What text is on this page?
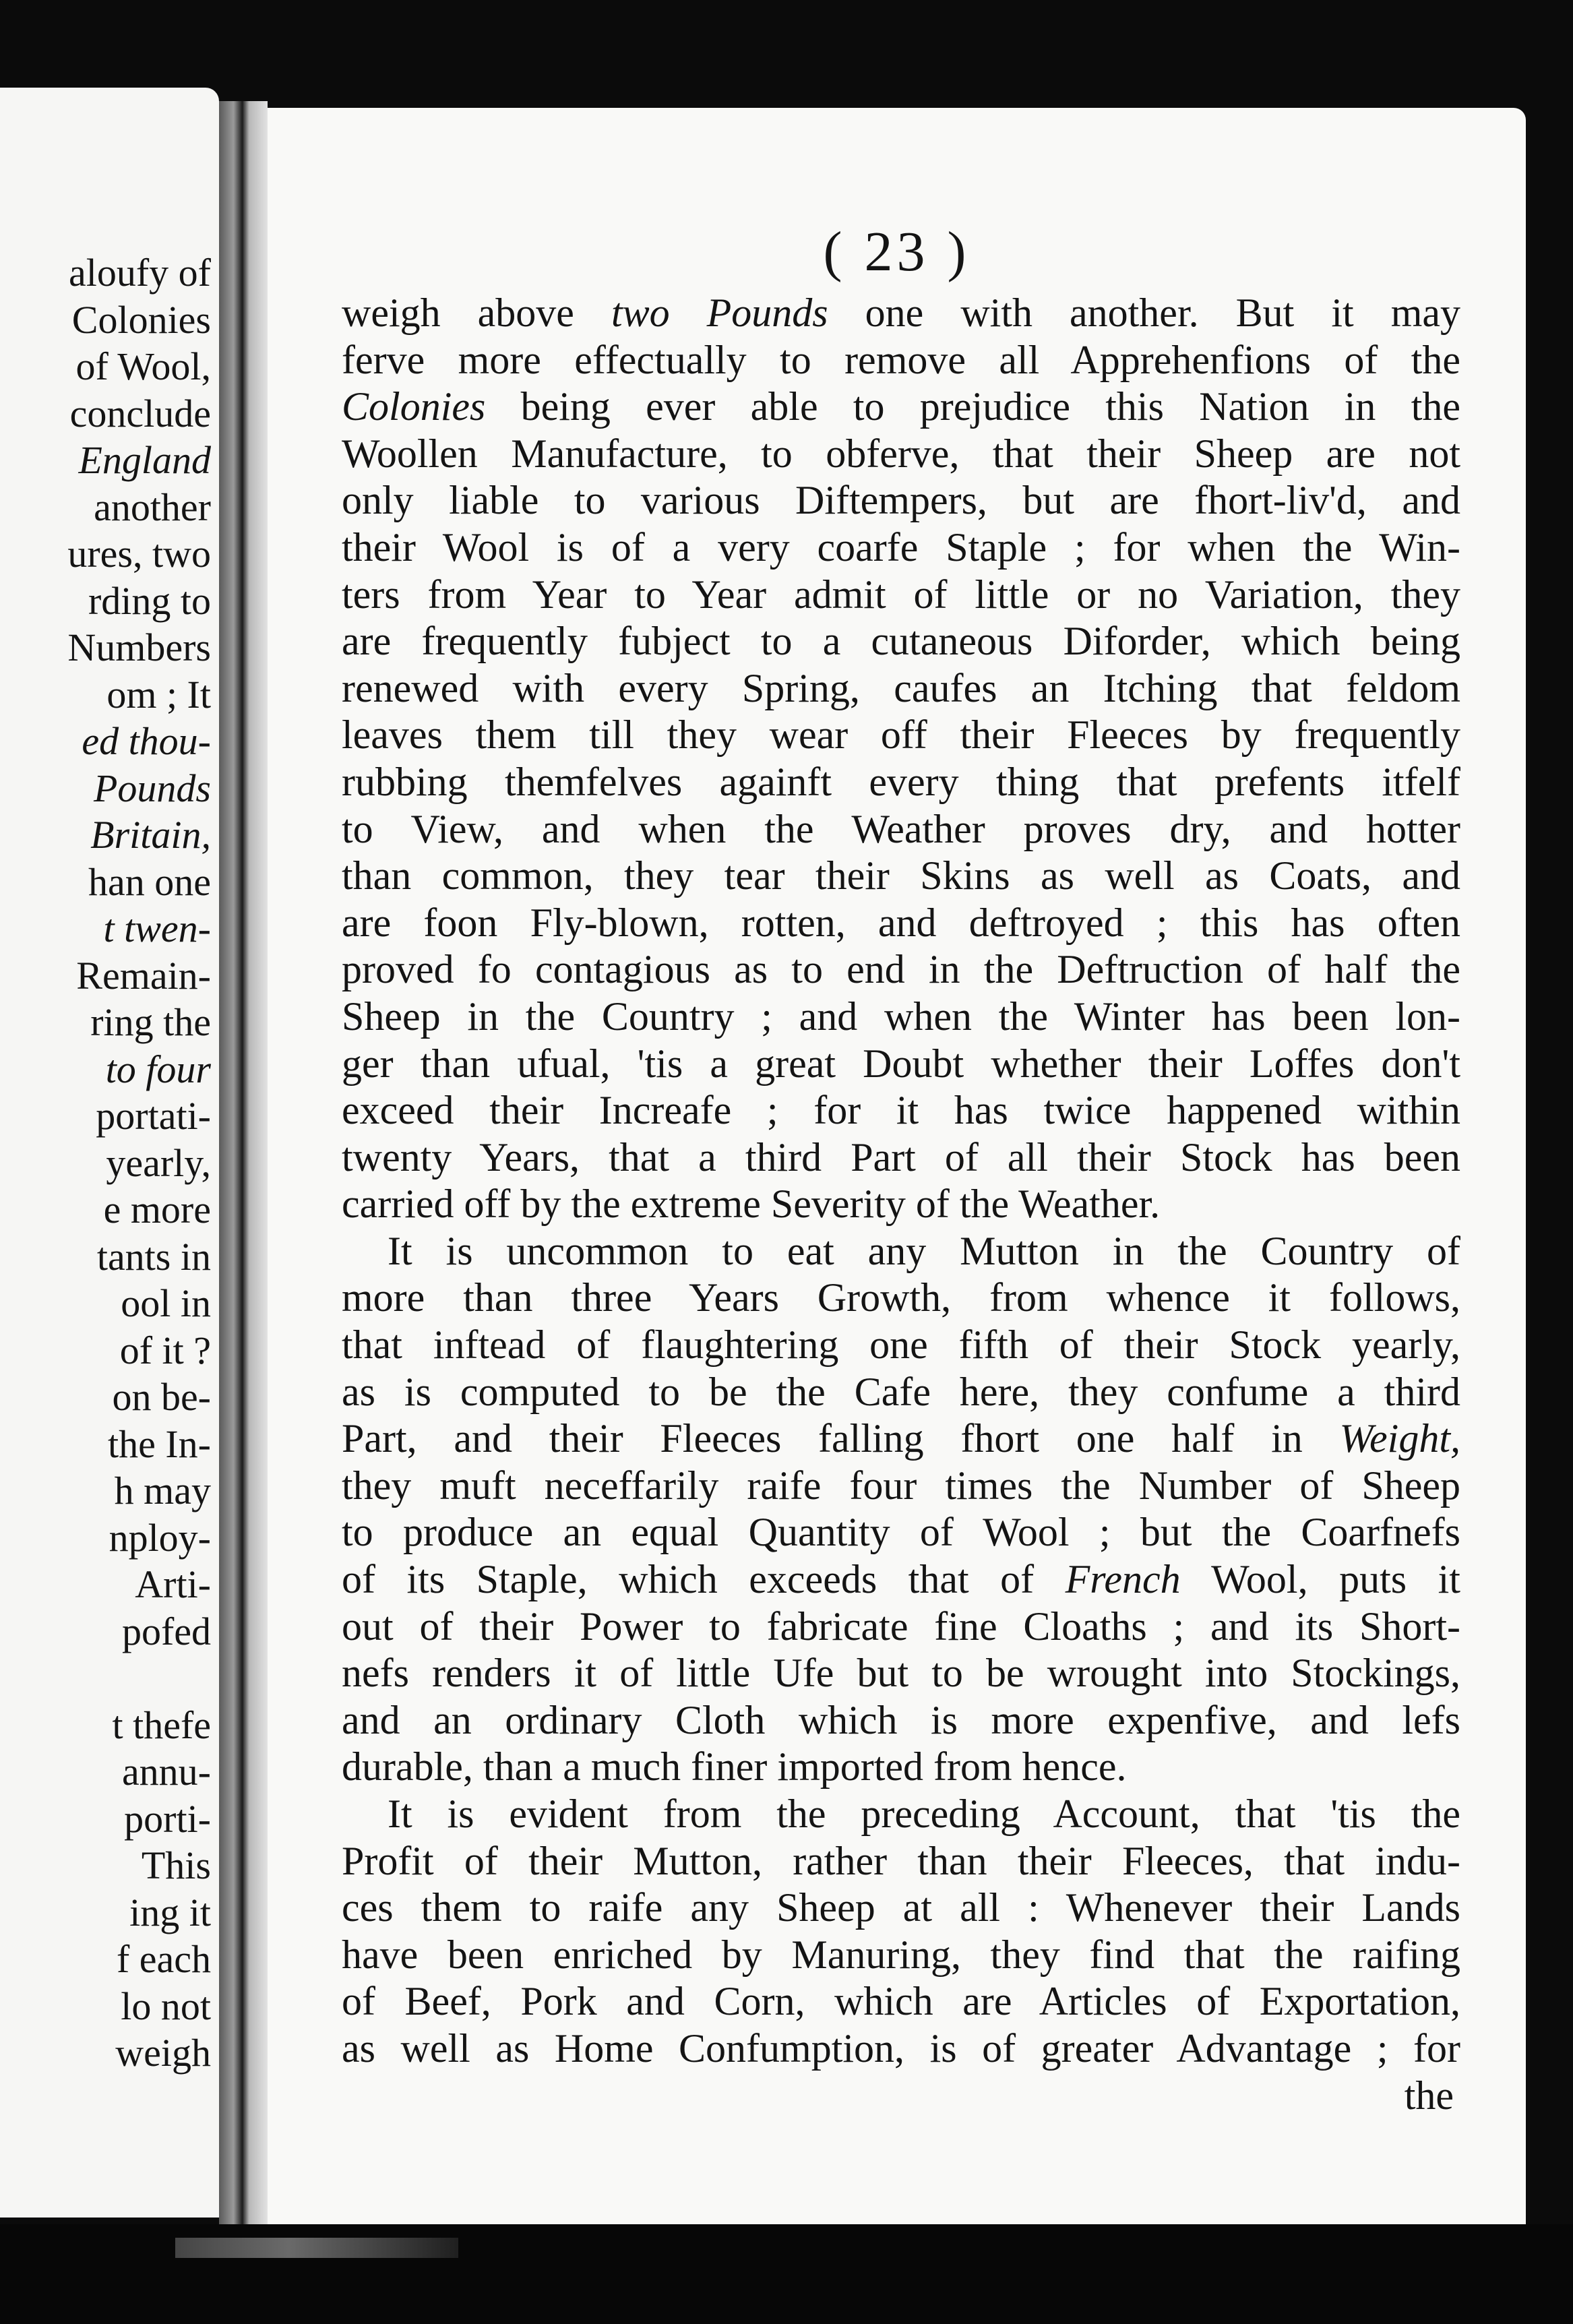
aloufy of
Colonies
of Wool,
conclude
England
another
ures, two
rding to
Numbers
om ; It
ed thou-
Pounds
Britain,
han one
t twen-
Remain-
ring the
to four
portati-
yearly,
e more
tants in
ool in
of it ?
on be-
the In-
h may
nploy-
Arti-
pofed
t thefe
annu-
porti-
This
ing it
f each
lo not
weigh
( 23 )
weigh above two Pounds one with another. But it may
ferve more effectually to remove all Apprehenfions of the
Colonies being ever able to prejudice this Nation in the
Woollen Manufacture, to obferve, that their Sheep are not
only liable to various Diftempers, but are fhort-liv'd, and
their Wool is of a very coarfe Staple ; for when the Win-
ters from Year to Year admit of little or no Variation, they
are frequently fubject to a cutaneous Diforder, which being
renewed with every Spring, caufes an Itching that feldom
leaves them till they wear off their Fleeces by frequently
rubbing themfelves againft every thing that prefents itfelf
to View, and when the Weather proves dry, and hotter
than common, they tear their Skins as well as Coats, and
are foon Fly-blown, rotten, and deftroyed ; this has often
proved fo contagious as to end in the Deftruction of half the
Sheep in the Country ; and when the Winter has been lon-
ger than ufual, 'tis a great Doubt whether their Loffes don't
exceed their Increafe ; for it has twice happened within
twenty Years, that a third Part of all their Stock has been
carried off by the extreme Severity of the Weather.
It is uncommon to eat any Mutton in the Country of
more than three Years Growth, from whence it follows,
that inftead of flaughtering one fifth of their Stock yearly,
as is computed to be the Cafe here, they confume a third
Part, and their Fleeces falling fhort one half in Weight,
they muft neceffarily raife four times the Number of Sheep
to produce an equal Quantity of Wool ; but the Coarfnefs
of its Staple, which exceeds that of French Wool, puts it
out of their Power to fabricate fine Cloaths ; and its Short-
nefs renders it of little Ufe but to be wrought into Stockings,
and an ordinary Cloth which is more expenfive, and lefs
durable, than a much finer imported from hence.
It is evident from the preceding Account, that 'tis the
Profit of their Mutton, rather than their Fleeces, that indu-
ces them to raife any Sheep at all : Whenever their Lands
have been enriched by Manuring, they find that the raifing
of Beef, Pork and Corn, which are Articles of Exportation,
as well as Home Confumption, is of greater Advantage ; for
the
